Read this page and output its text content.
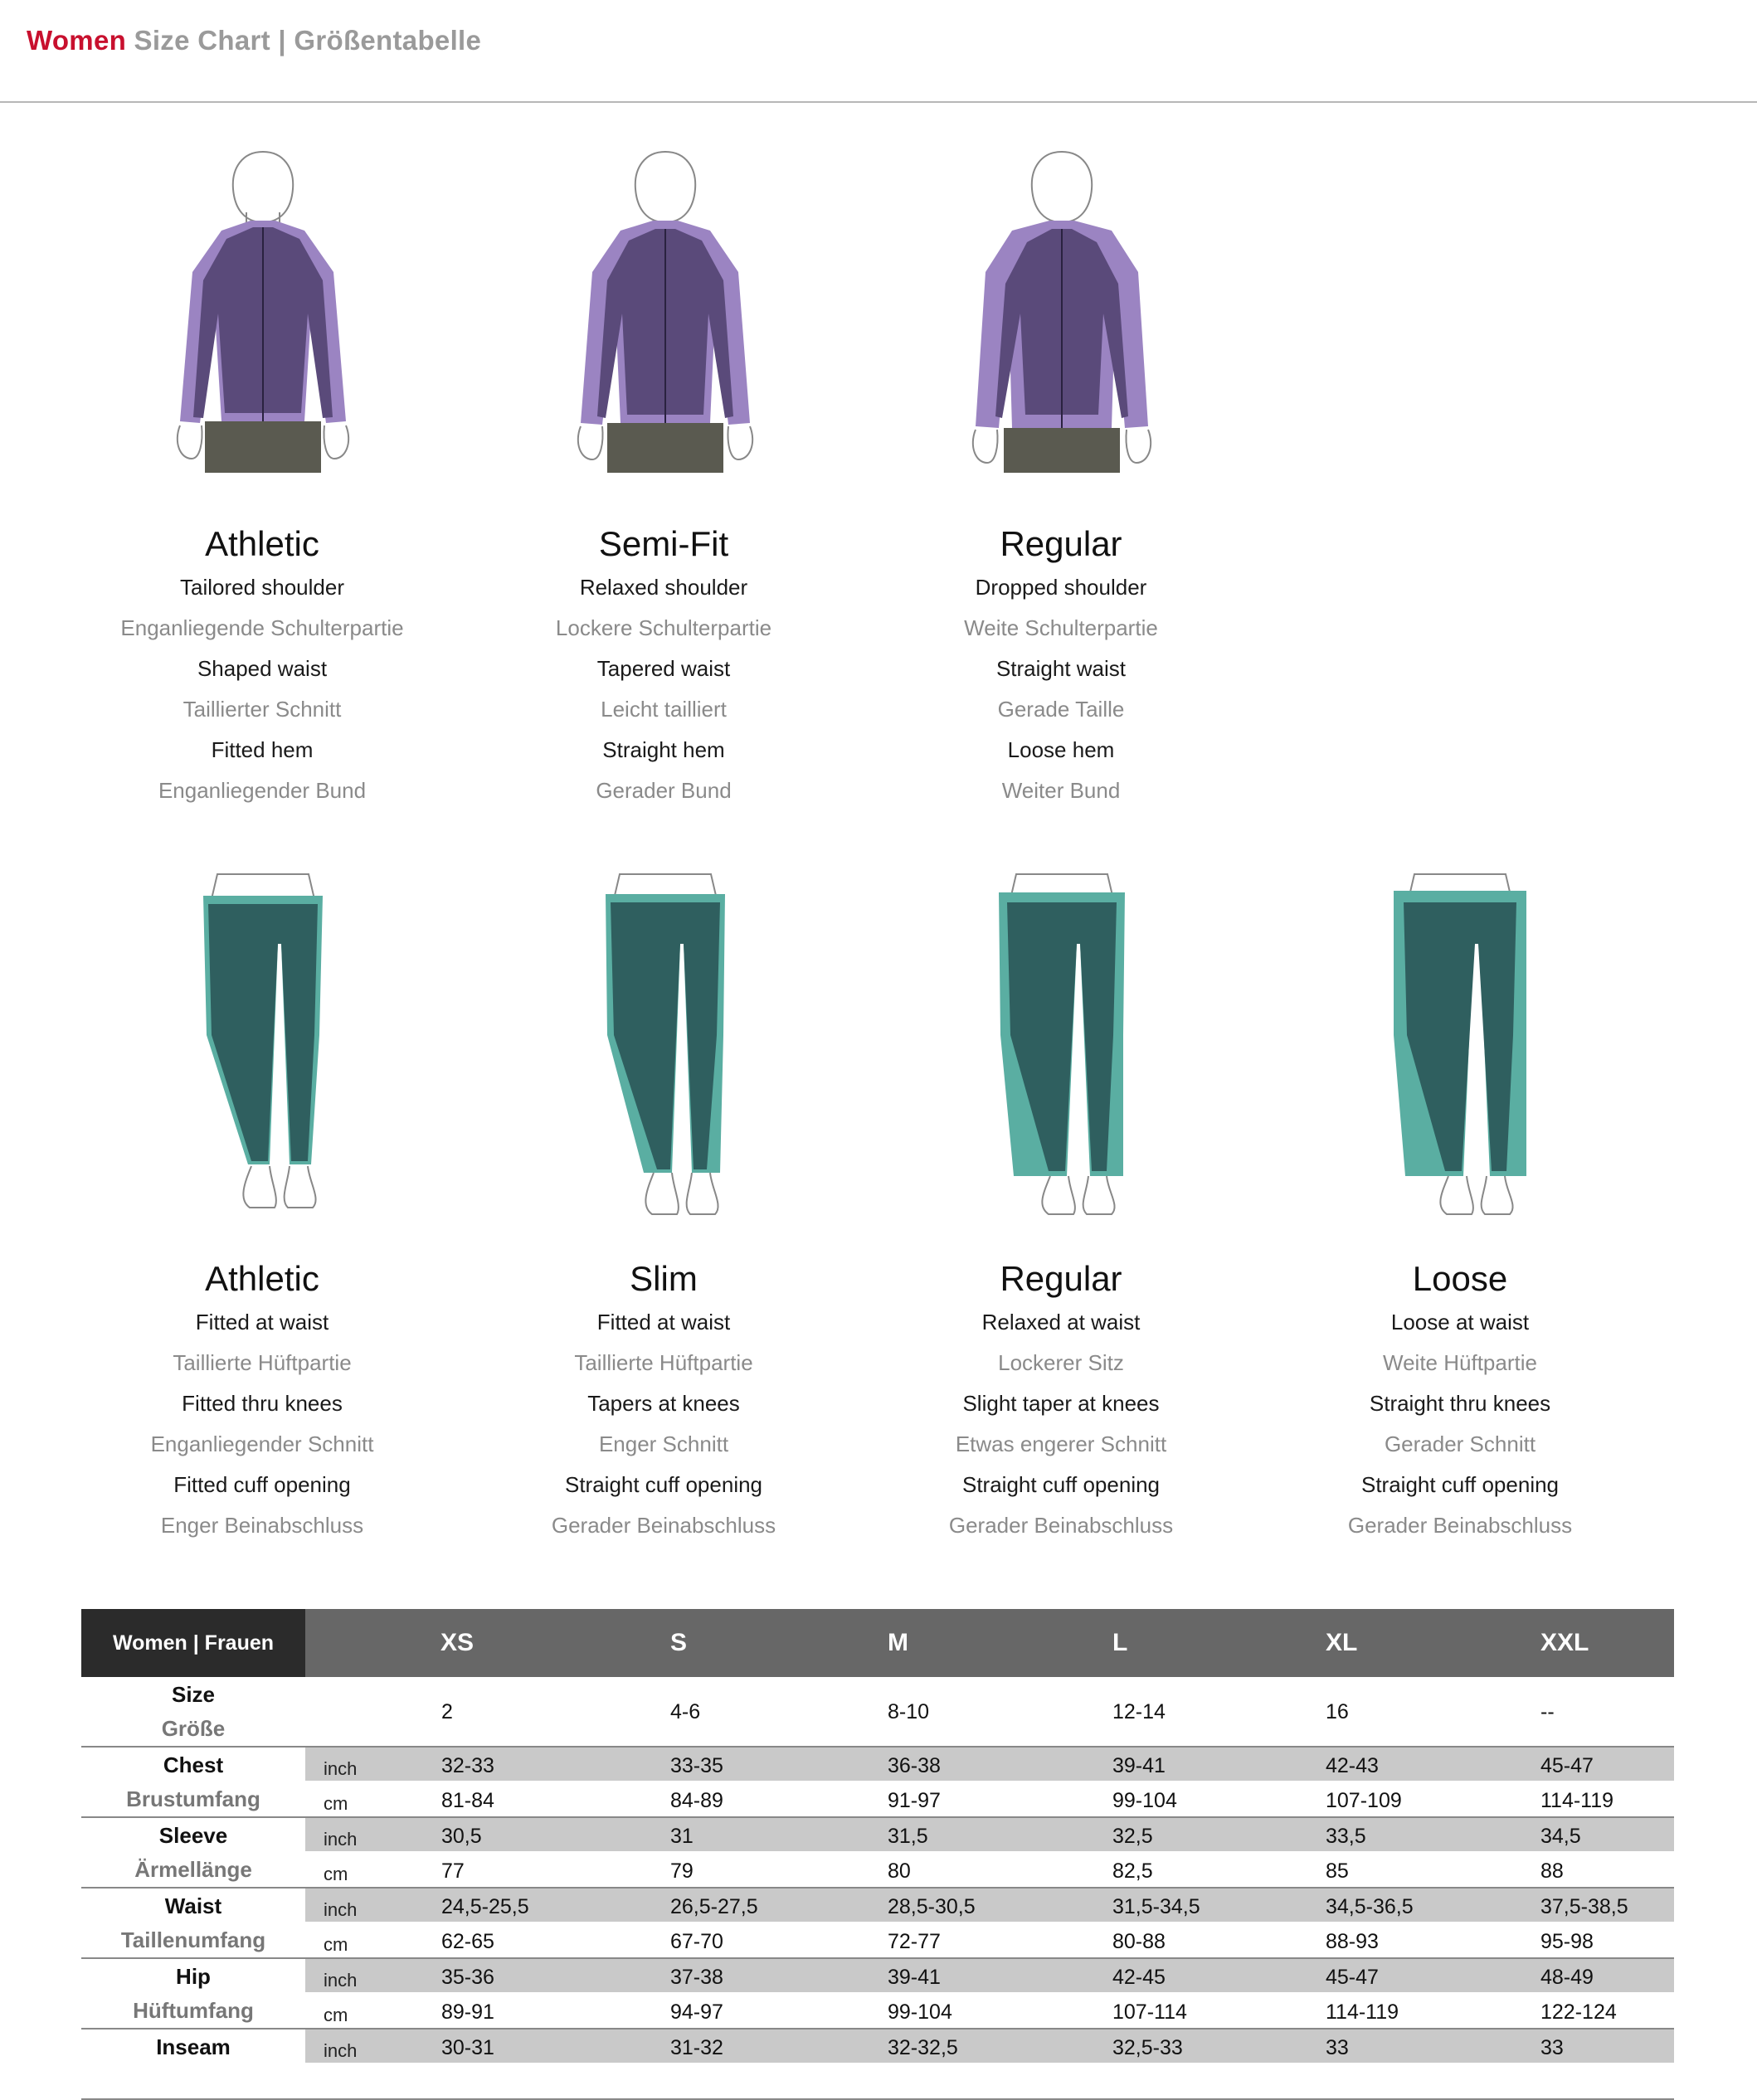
Women Size Chart | Größentabelle
Athletic
Tailored shoulder
Enganliegende Schulterpartie
Shaped waist
Taillierter Schnitt
Fitted hem
Enganliegender Bund
Semi-Fit
Relaxed shoulder
Lockere Schulterpartie
Tapered waist
Leicht tailliert
Straight hem
Gerader Bund
Regular
Dropped shoulder
Weite Schulterpartie
Straight waist
Gerade Taille
Loose hem
Weiter Bund
Athletic
Fitted at waist
Taillierte Hüftpartie
Fitted thru knees
Enganliegender Schnitt
Fitted cuff opening
Enger Beinabschluss
Slim
Fitted at waist
Taillierte Hüftpartie
Tapers at knees
Enger Schnitt
Straight cuff opening
Gerader Beinabschluss
Regular
Relaxed at waist
Lockerer Sitz
Slight taper at knees
Etwas engerer Schnitt
Straight cuff opening
Gerader Beinabschluss
Loose
Loose at waist
Weite Hüftpartie
Straight thru knees
Gerader Schnitt
Straight cuff opening
Gerader Beinabschluss
Women | Frauen	XS	S	M	L	XL	XXL
Size
Größe
2	4-6	8-10	12-14	16	--
Chest
Brustumfang
inch
cm
32-33	33-35	36-38	39-41	42-43	45-47
81-84	84-89	91-97	99-104	107-109	114-119
Sleeve
Ärmellänge
inch
cm
30,5	31	31,5	32,5	33,5	34,5
77	79	80	82,5	85	88
Waist
Taillenumfang
inch
cm
24,5-25,5	26,5-27,5	28,5-30,5	31,5-34,5	34,5-36,5	37,5-38,5
62-65	67-70	72-77	80-88	88-93	95-98
Hip
Hüftumfang
inch
cm
35-36	37-38	39-41	42-45	45-47	48-49
89-91	94-97	99-104	107-114	114-119	122-124
Inseam	inch	30-31	31-32	32-32,5	32,5-33	33	33
